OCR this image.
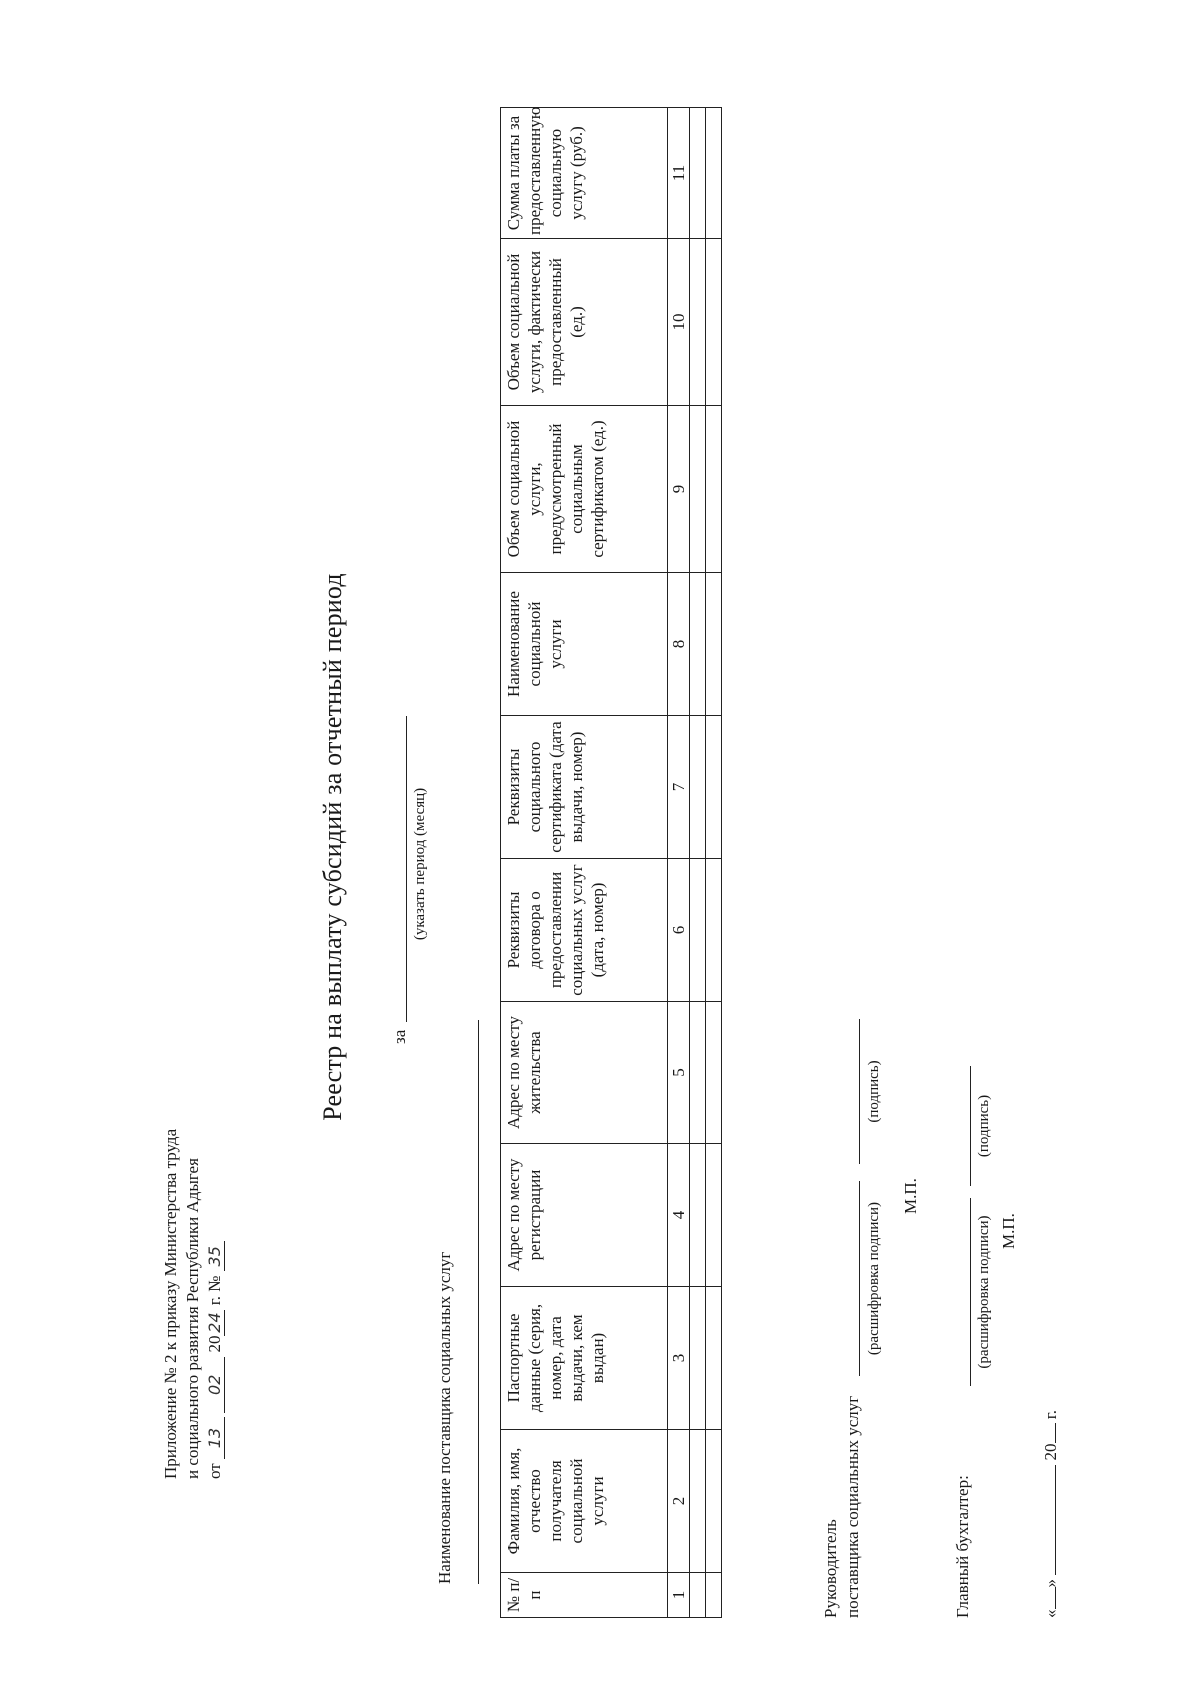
Приложение № 2 к приказу Министерства труда и социального развития Республики Адыгея от 13 02 2024 г. № 35
Реестр на выплату субсидий за отчетный период	за
(указать период (месяц)
Наименование поставщика социальных услуг
№ п/п	Фамилия, имя, отчество получателя социальной услуги	Паспортные данные (серия, номер, дата выдачи, кем выдан)	Адрес по месту регистрации	Адрес по месту жительства	Реквизиты договора о предоставлении социальных услуг (дата, номер)	Реквизиты социального сертификата (дата выдачи, номер)	Наименование социальной услуги	Объем социальной услуги, предусмотренный социальным сертификатом (ед.)	Объем социальной услуги, фактически предоставленный (ед.)	Сумма платы за предоставленную социальную услугу (руб.)
1	2	3	4	5	6	7	8	9	10	11

Руководитель поставщика социальных услуг
(расшифровка подписи)
(подпись)
М.П.
Главный бухгалтер:
(расшифровка подписи)
(подпись)
М.П.
«»  20 г.
